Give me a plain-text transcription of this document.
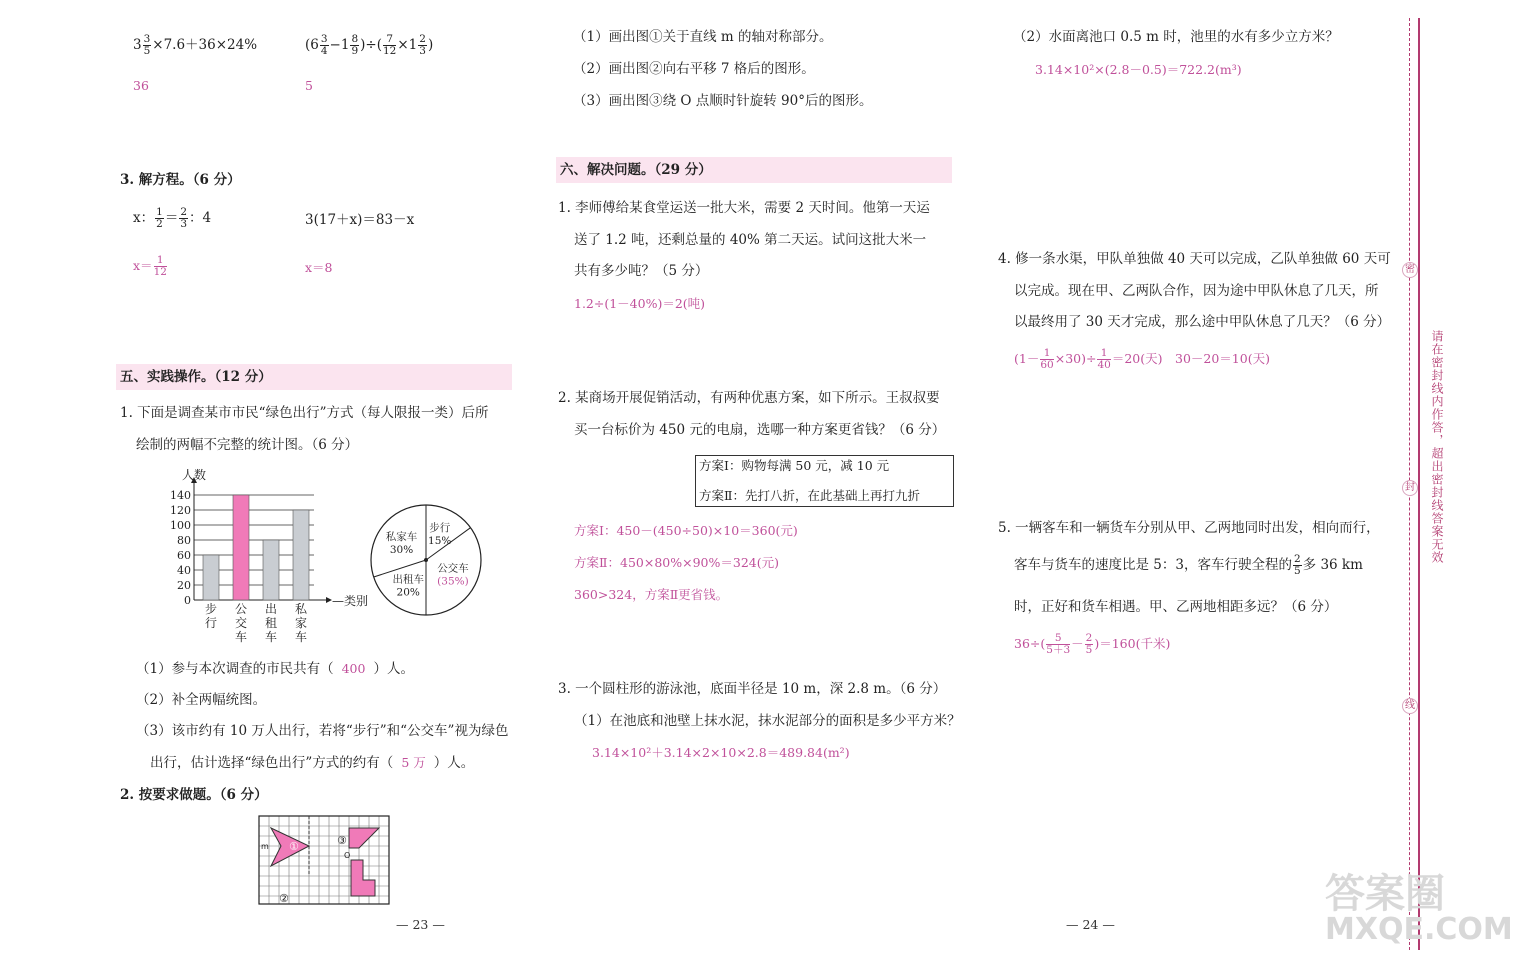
$3 \frac{3}{5} \times 7.6+36\times 24\%$	($6 \frac{3}{4} -1 \frac{8}{9}$ )÷( $\frac{7}{12} \times 1 \frac{2}{3}$ )
36	5
3. 解方程。（6 分）
x： $\frac{1}{2} = \frac{2}{3}$ ：4	3(17＋x)＝83－x
$x= \frac{1}{12}$	x＝8
五、实践操作。（12 分）
1. 下面是调查某市市民“绿色出行”方式（每人限报一类）后所
绘制的两幅不完整的统计图。（6 分）
0
20
40
60
80
100
120
140
人数
—类别
步
行
公
交
车
出
租
车
私
家
车
步行
15%
公交车
(35%)
出租车
20%
私家车
30%
（1）参与本次调查的市民共有（ 400 ）人。
（2）补全两幅统图。
（3）该市约有 10 万人出行，若将“步行”和“公交车”视为绿色
出行，估计选择“绿色出行”方式的约有（ 5 万 ）人。
2. 按要求做题。（6 分）
①
②
③
m
O
— 23 —
（1）画出图①关于直线 m 的轴对称部分。
（2）画出图②向右平移 7 格后的图形。
（3）画出图③绕 O 点顺时针旋转 90°后的图形。
六、解决问题。（29 分）
1. 李师傅给某食堂运送一批大米，需要 2 天时间。他第一天运
送了 1.2 吨，还剩总量的 40% 第二天运。试问这批大米一
共有多少吨？（5 分）
1.2÷(1－40%)＝2(吨)
2. 某商场开展促销活动，有两种优惠方案，如下所示。王叔叔要
买一台标价为 450 元的电扇，选哪一种方案更省钱？（6 分）
方案Ⅰ：购物每满 50 元，减 10 元
方案Ⅱ：先打八折，在此基础上再打九折
方案Ⅰ：450－(450÷50)×10＝360(元)
方案Ⅱ：450×80%×90%＝324(元)
360>324，方案Ⅱ更省钱。
3. 一个圆柱形的游泳池，底面半径是 10 m，深 2.8 m。（6 分）
（1）在池底和池壁上抹水泥，抹水泥部分的面积是多少平方米？
3.14×10²＋3.14×2×10×2.8＝489.84(m²)
（2）水面离池口 0.5 m 时，池里的水有多少立方米？
3.14×10²×(2.8－0.5)＝722.2(m³)
4. 修一条水渠，甲队单独做 40 天可以完成，乙队单独做 60 天可
以完成。现在甲、乙两队合作，因为途中甲队休息了几天，所
以最终用了 30 天才完成，那么途中甲队休息了几天？（6 分）
$(1- \frac{1}{60} \times 30)\div \frac{1}{40} =20$(天)　30－20＝10(天)
5. 一辆客车和一辆货车分别从甲、乙两地同时出发，相向而行，
客车与货车的速度比是 5：3，客车行驶全程的 $\frac{2}{5}$ 多 36 km
时，正好和货车相遇。甲、乙两地相距多远？（6 分）
$36\div( \frac{5}{5+3} - \frac{2}{5} )=160$(千米)
— 24 —
密
封
线
请在密封线内作答，超出密封线答案无效
答案圈
MXQE.COM
